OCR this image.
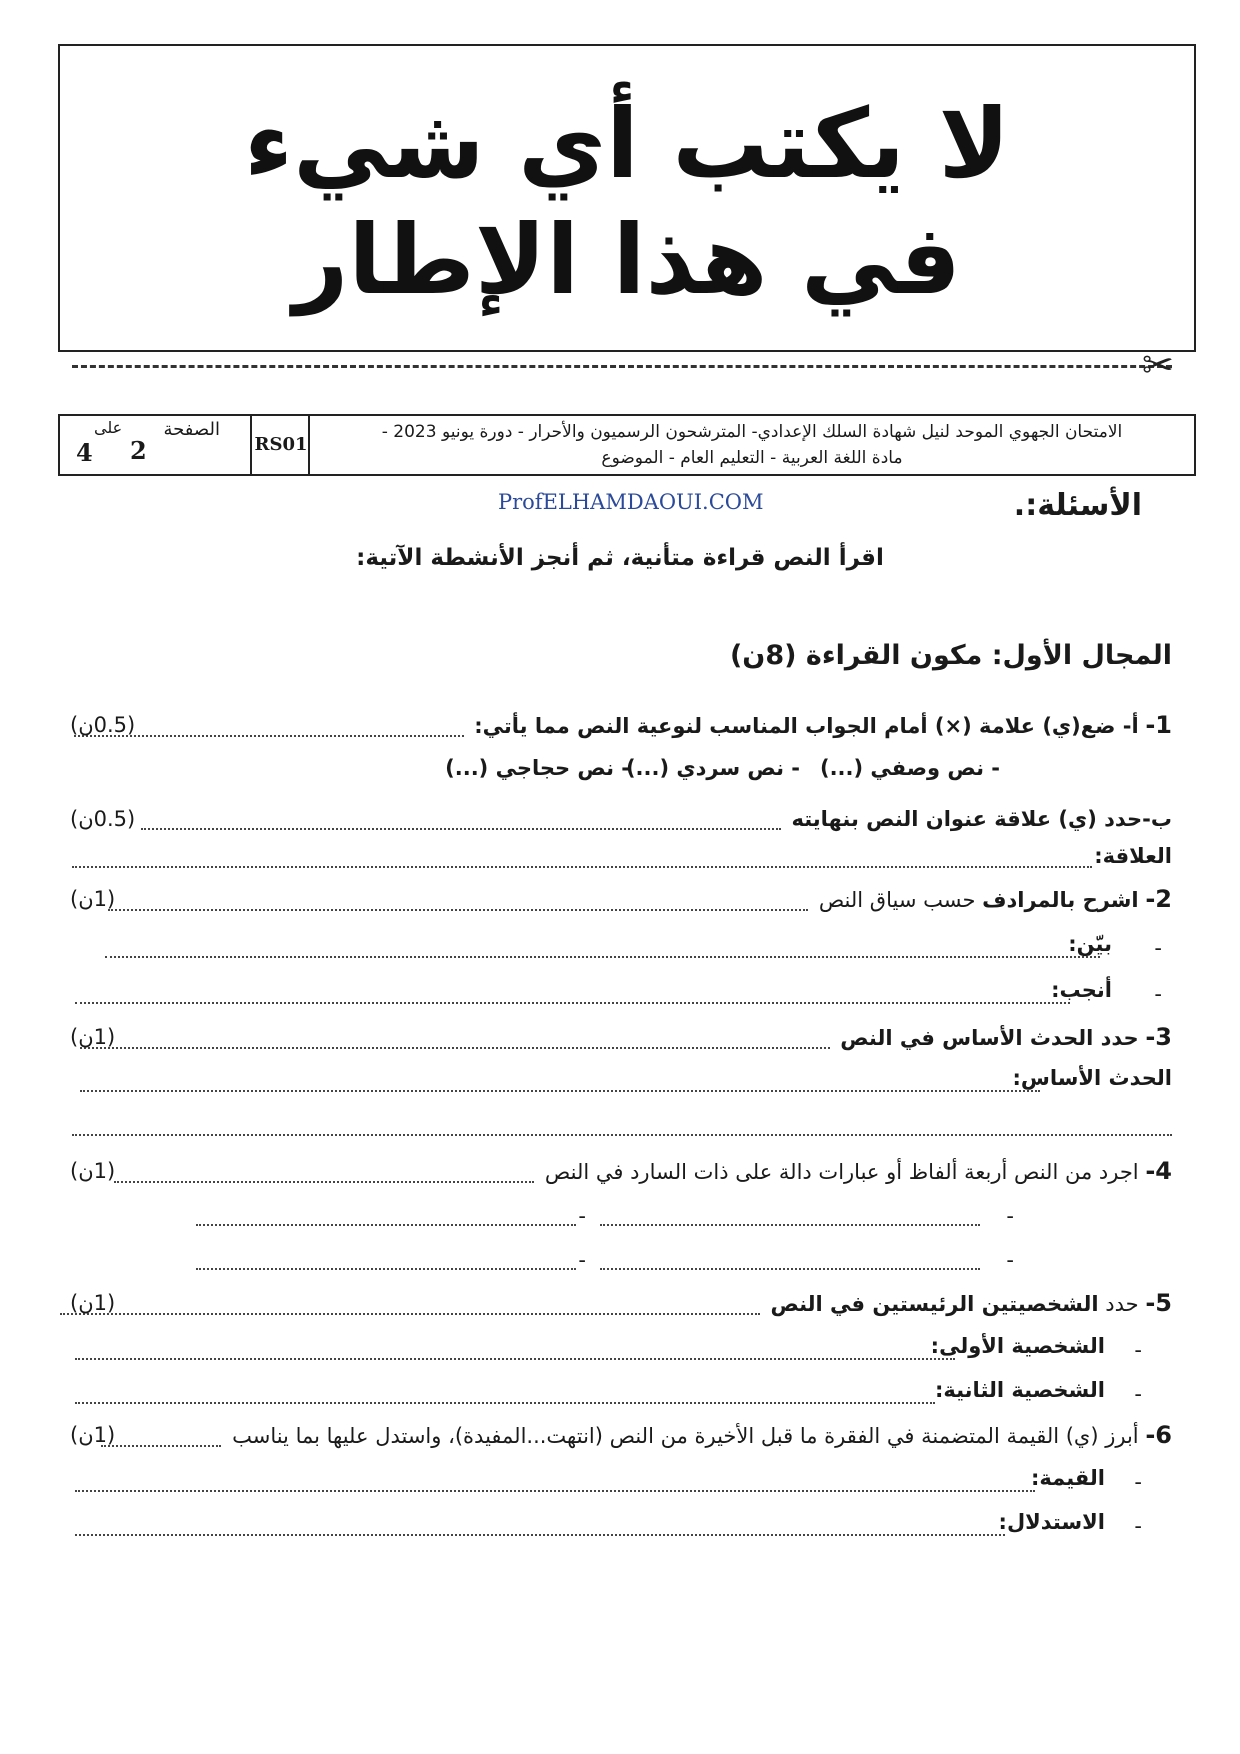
لا يكتب أي شيء
في هذا الإطار
✂
الامتحان الجهوي الموحد لنيل شهادة السلك الإعدادي- المترشحون الرسميون والأحرار - دورة يونيو 2023 -
مادة اللغة العربية - التعليم العام - الموضوع
RS01
الصفحة
على
2
4
ProfELHAMDAOUI.COM	الأسئلة:.
اقرأ النص قراءة متأنية، ثم أنجز الأنشطة الآتية:
المجال الأول: مكون القراءة (8ن)
1- أ- ضع(ي) علامة (×) أمام الجواب المناسب لنوعية النص مما يأتي:
(0.5ن)
- نص وصفي (...)
- نص سردي (...)
- نص حجاجي (...)
ب-حدد (ي) علاقة عنوان النص بنهايته
(0.5ن)
العلاقة:
2- اشرح بالمرادف حسب سياق النص
(1ن)
-
بيّن:
-
أنجب:
3- حدد الحدث الأساس في النص
(1ن)
الحدث الأساس:
4- اجرد من النص أربعة ألفاظ أو عبارات دالة على ذات السارد في النص
(1ن)
-
-
-
-
5- حدد الشخصيتين الرئيستين في النص
(1ن)
-
الشخصية الأولى:
-
الشخصية الثانية:
6- أبرز (ي) القيمة المتضمنة في الفقرة ما قبل الأخيرة من النص (انتهت...المفيدة)، واستدل عليها بما يناسب
(1ن)
-
القيمة:
-
الاستدلال:
